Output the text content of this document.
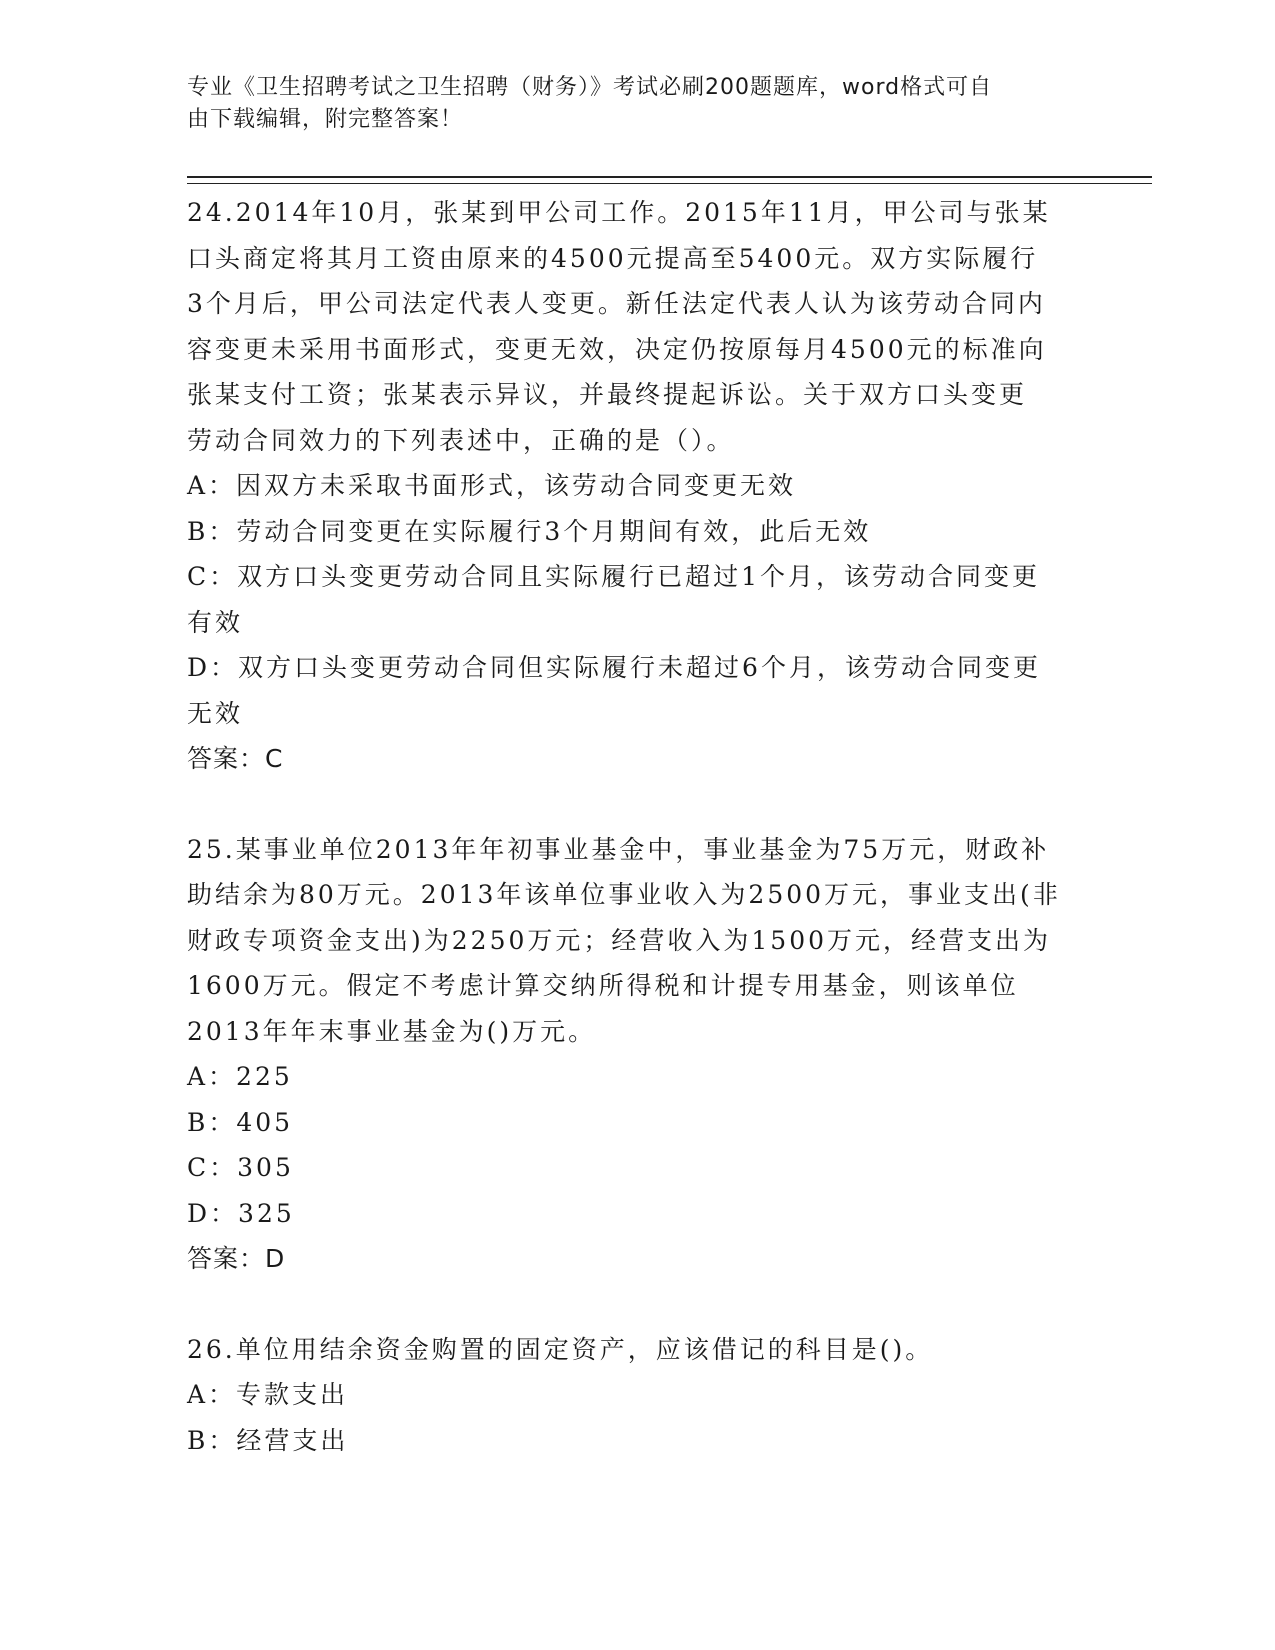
专业《卫生招聘考试之卫生招聘（财务）》考试必刷200题题库，word格式可自
由下载编辑，附完整答案！
24.2014年10月，张某到甲公司工作。2015年11月，甲公司与张某
口头商定将其月工资由原来的4500元提高至5400元。双方实际履行
3个月后，甲公司法定代表人变更。新任法定代表人认为该劳动合同内
容变更未采用书面形式，变更无效，决定仍按原每月4500元的标准向
张某支付工资；张某表示异议，并最终提起诉讼。关于双方口头变更
劳动合同效力的下列表述中，正确的是（）。
A：因双方未采取书面形式，该劳动合同变更无效
B：劳动合同变更在实际履行3个月期间有效，此后无效
C：双方口头变更劳动合同且实际履行已超过1个月，该劳动合同变更
有效
D：双方口头变更劳动合同但实际履行未超过6个月，该劳动合同变更
无效
答案：C
25.某事业单位2013年年初事业基金中，事业基金为75万元，财政补
助结余为80万元。2013年该单位事业收入为2500万元，事业支出(非
财政专项资金支出)为2250万元；经营收入为1500万元，经营支出为
1600万元。假定不考虑计算交纳所得税和计提专用基金，则该单位
2013年年末事业基金为()万元。
A：225
B：405
C：305
D：325
答案：D
26.单位用结余资金购置的固定资产，应该借记的科目是()。
A：专款支出
B：经营支出
